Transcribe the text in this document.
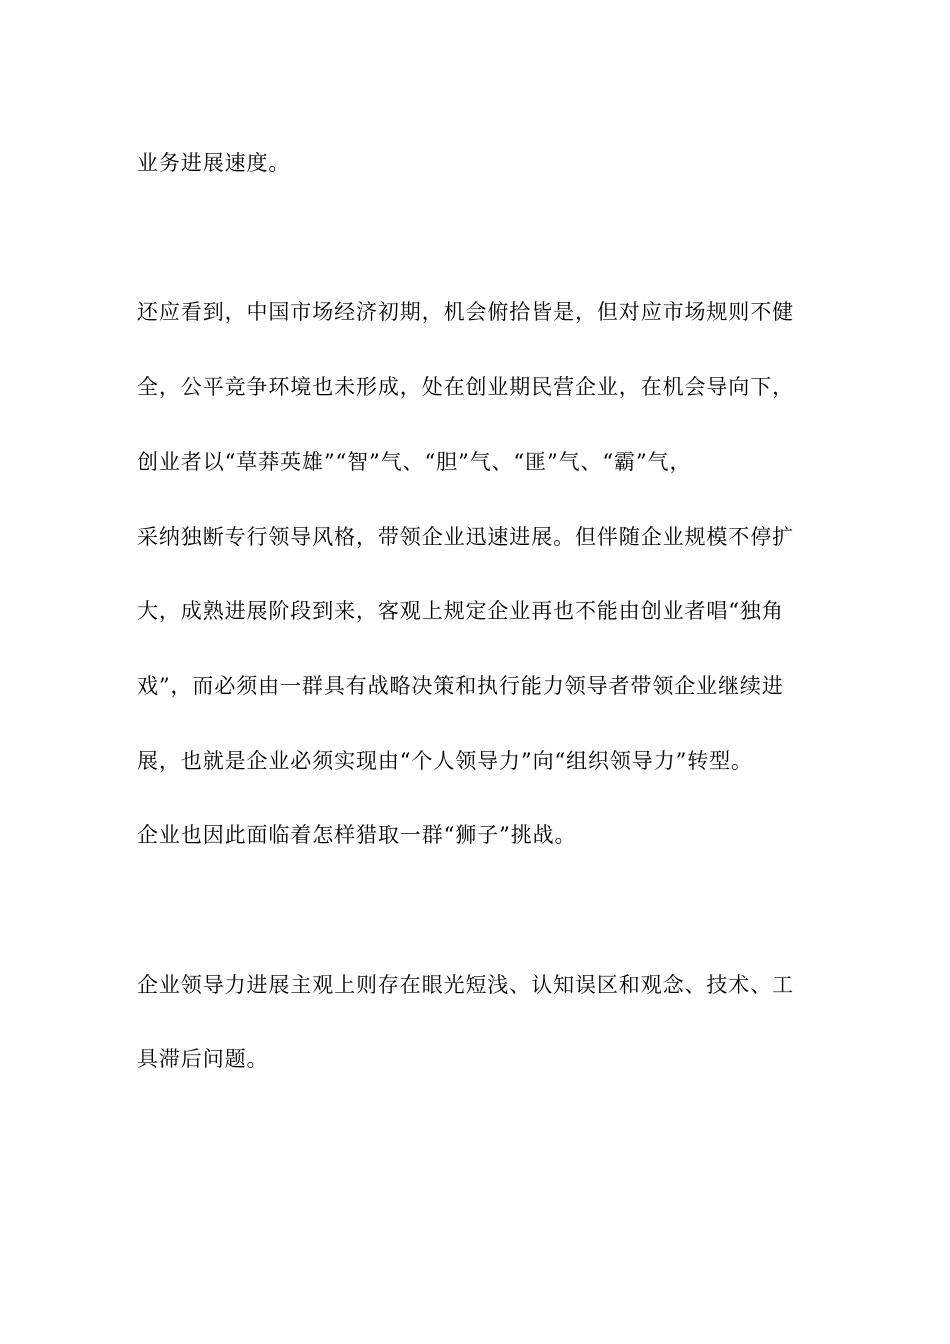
业务进展速度。
还应看到，中国市场经济初期，机会俯拾皆是，但对应市场规则不健
全，公平竞争环境也未形成，处在创业期民营企业，在机会导向下，
创业者以“草莽英雄”“智”气、“胆”气、“匪”气、“霸”气，
采纳独断专行领导风格，带领企业迅速进展。但伴随企业规模不停扩
大，成熟进展阶段到来，客观上规定企业再也不能由创业者唱“独角
戏”，而必须由一群具有战略决策和执行能力领导者带领企业继续进
展，也就是企业必须实现由“个人领导力”向“组织领导力”转型。
企业也因此面临着怎样猎取一群“狮子”挑战。
企业领导力进展主观上则存在眼光短浅、认知误区和观念、技术、工
具滞后问题。
